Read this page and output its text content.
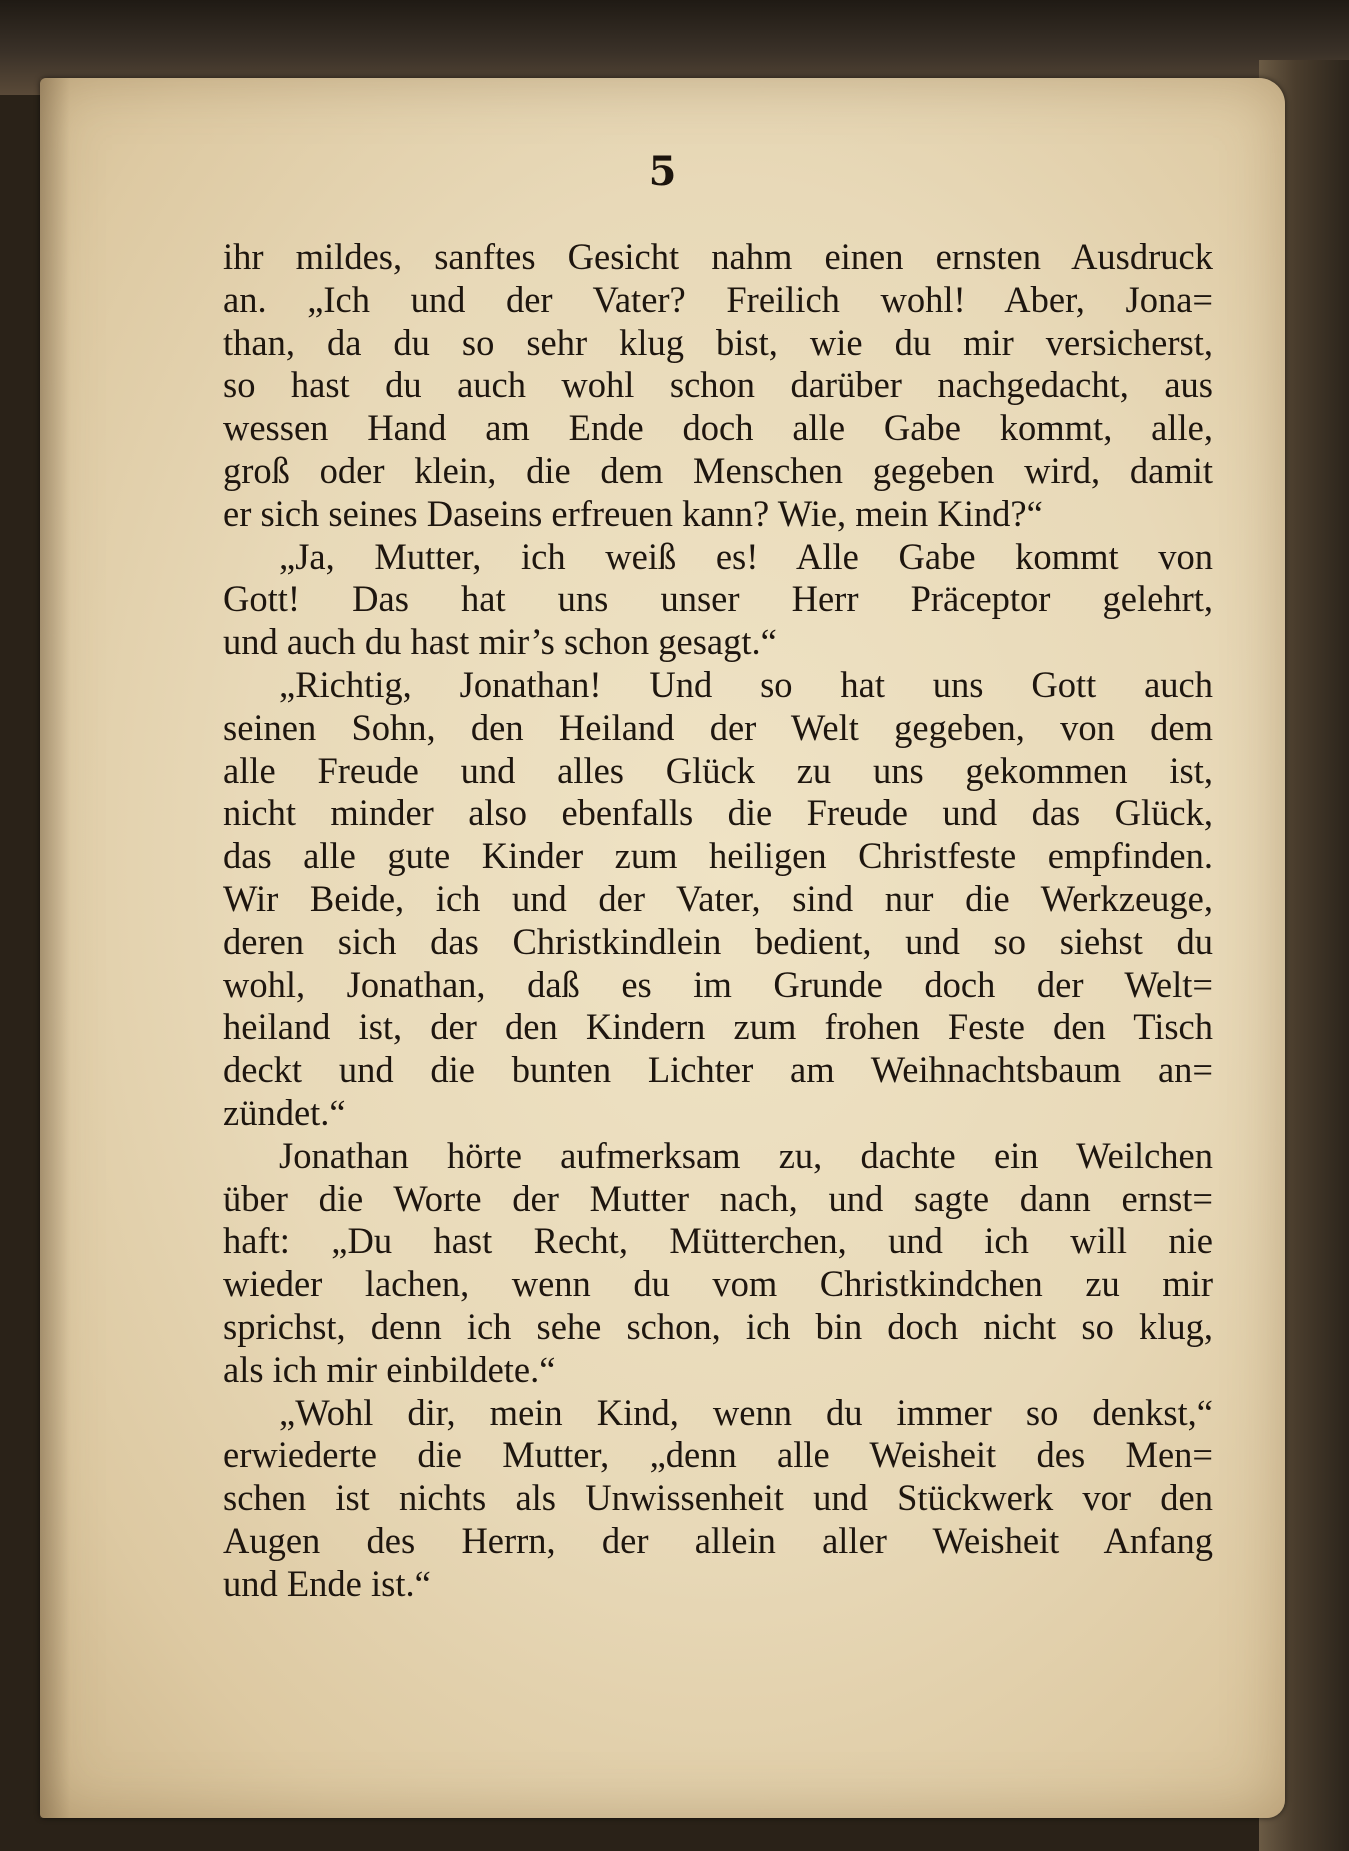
5
ihr mildes, sanftes Gesicht nahm einen ernsten Ausdruck
an. „Ich und der Vater? Freilich wohl! Aber, Jona=
than, da du so sehr klug bist, wie du mir versicherst,
so hast du auch wohl schon darüber nachgedacht, aus
wessen Hand am Ende doch alle Gabe kommt, alle,
groß oder klein, die dem Menschen gegeben wird, damit
er sich seines Daseins erfreuen kann? Wie, mein Kind?“
„Ja, Mutter, ich weiß es! Alle Gabe kommt von
Gott! Das hat uns unser Herr Präceptor gelehrt,
und auch du hast mir’s schon gesagt.“
„Richtig, Jonathan! Und so hat uns Gott auch
seinen Sohn, den Heiland der Welt gegeben, von dem
alle Freude und alles Glück zu uns gekommen ist,
nicht minder also ebenfalls die Freude und das Glück,
das alle gute Kinder zum heiligen Christfeste empfinden.
Wir Beide, ich und der Vater, sind nur die Werkzeuge,
deren sich das Christkindlein bedient, und so siehst du
wohl, Jonathan, daß es im Grunde doch der Welt=
heiland ist, der den Kindern zum frohen Feste den Tisch
deckt und die bunten Lichter am Weihnachtsbaum an=
zündet.“
Jonathan hörte aufmerksam zu, dachte ein Weilchen
über die Worte der Mutter nach, und sagte dann ernst=
haft: „Du hast Recht, Mütterchen, und ich will nie
wieder lachen, wenn du vom Christkindchen zu mir
sprichst, denn ich sehe schon, ich bin doch nicht so klug,
als ich mir einbildete.“
„Wohl dir, mein Kind, wenn du immer so denkst,“
erwiederte die Mutter, „denn alle Weisheit des Men=
schen ist nichts als Unwissenheit und Stückwerk vor den
Augen des Herrn, der allein aller Weisheit Anfang
und Ende ist.“
